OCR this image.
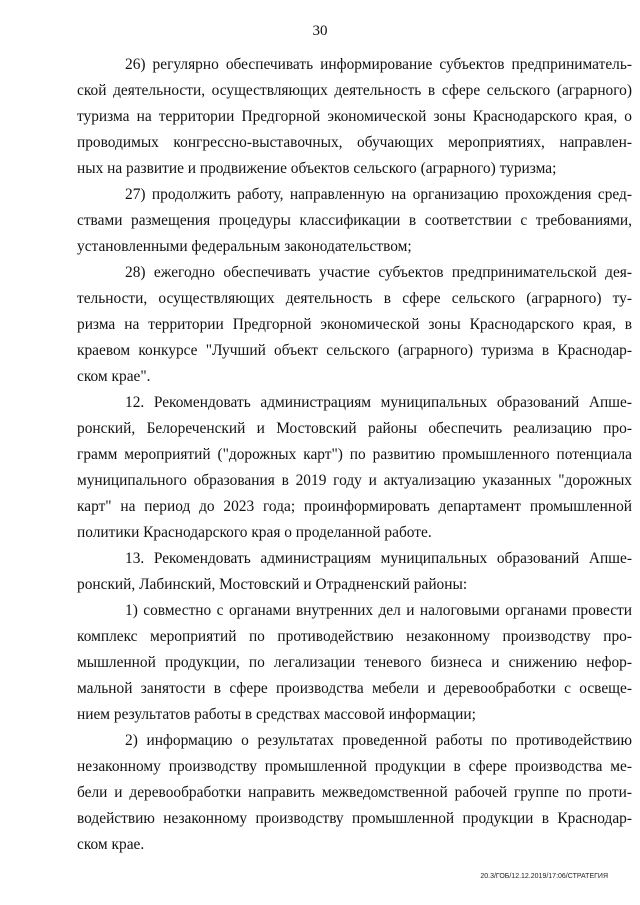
30
26) регулярно обеспечивать информирование субъектов предприниматель-
ской деятельности, осуществляющих деятельность в сфере сельского (аграрного)
туризма на территории Предгорной экономической зоны Краснодарского края, о
проводимых конгрессно-выставочных, обучающих мероприятиях, направлен-
ных на развитие и продвижение объектов сельского (аграрного) туризма;
27) продолжить работу, направленную на организацию прохождения сред-
ствами размещения процедуры классификации в соответствии с требованиями,
установленными федеральным законодательством;
28) ежегодно обеспечивать участие субъектов предпринимательской дея-
тельности, осуществляющих деятельность в сфере сельского (аграрного) ту-
ризма на территории Предгорной экономической зоны Краснодарского края, в
краевом конкурсе "Лучший объект сельского (аграрного) туризма в Краснодар-
ском крае".
12. Рекомендовать администрациям муниципальных образований Апше-
ронский, Белореченский и Мостовский районы обеспечить реализацию про-
грамм мероприятий ("дорожных карт") по развитию промышленного потенциала
муниципального образования в 2019 году и актуализацию указанных "дорожных
карт" на период до 2023 года; проинформировать департамент промышленной
политики Краснодарского края о проделанной работе.
13. Рекомендовать администрациям муниципальных образований Апше-
ронский, Лабинский, Мостовский и Отрадненский районы:
1) совместно с органами внутренних дел и налоговыми органами провести
комплекс мероприятий по противодействию незаконному производству про-
мышленной продукции, по легализации теневого бизнеса и снижению нефор-
мальной занятости в сфере производства мебели и деревообработки с освеще-
нием результатов работы в средствах массовой информации;
2) информацию о результатах проведенной работы по противодействию
незаконному производству промышленной продукции в сфере производства ме-
бели и деревообработки направить межведомственной рабочей группе по проти-
водействию незаконному производству промышленной продукции в Краснодар-
ском крае.
20.3/ГОБ/12.12.2019/17:06/СТРАТЕГИЯ
